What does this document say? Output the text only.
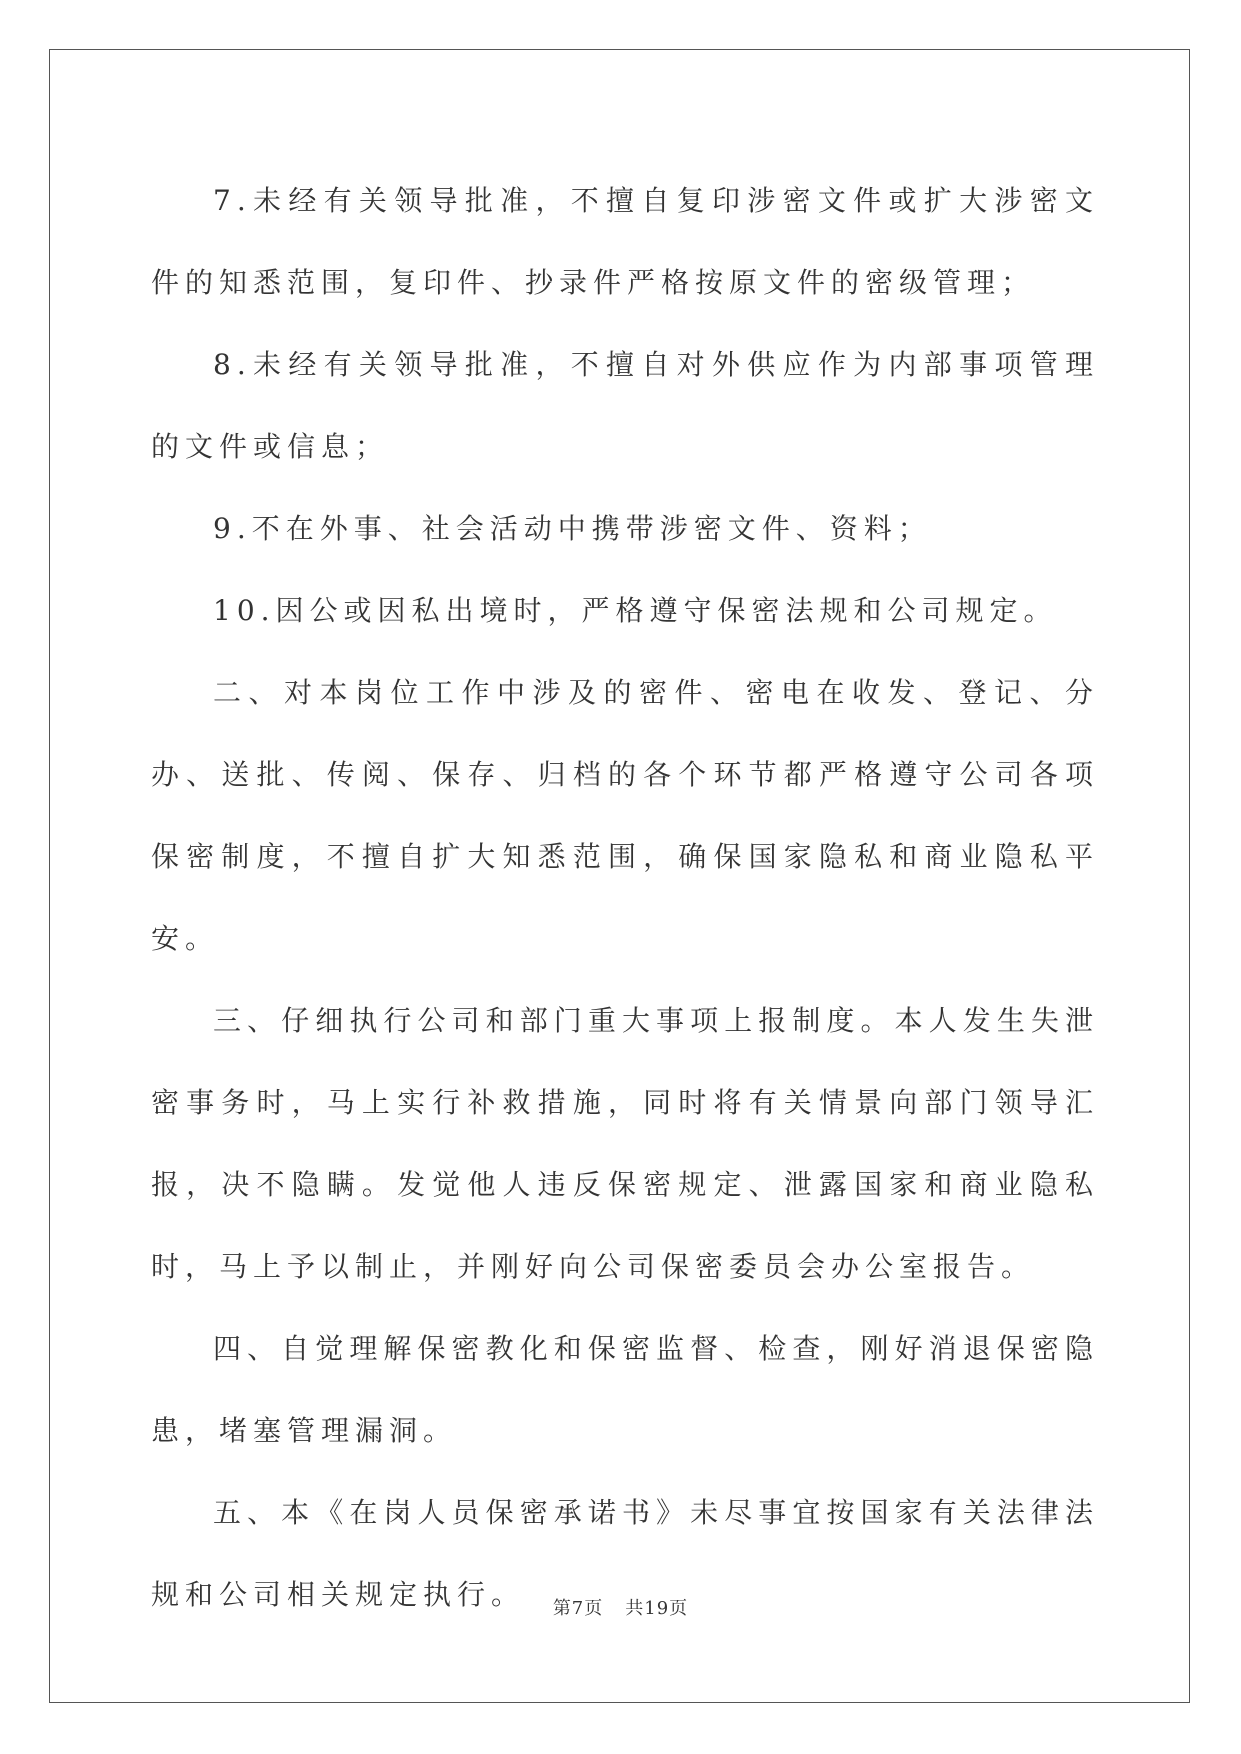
7.未经有关领导批准，不擅自复印涉密文件或扩大涉密文件的知悉范围，复印件、抄录件严格按原文件的密级管理；

8.未经有关领导批准，不擅自对外供应作为内部事项管理的文件或信息；

9.不在外事、社会活动中携带涉密文件、资料；

10.因公或因私出境时，严格遵守保密法规和公司规定。

二、对本岗位工作中涉及的密件、密电在收发、登记、分办、送批、传阅、保存、归档的各个环节都严格遵守公司各项保密制度，不擅自扩大知悉范围，确保国家隐私和商业隐私平安。

三、仔细执行公司和部门重大事项上报制度。本人发生失泄密事务时，马上实行补救措施，同时将有关情景向部门领导汇报，决不隐瞒。发觉他人违反保密规定、泄露国家和商业隐私时，马上予以制止，并刚好向公司保密委员会办公室报告。

四、自觉理解保密教化和保密监督、检查，刚好消退保密隐患，堵塞管理漏洞。

五、本《在岗人员保密承诺书》未尽事宜按国家有关法律法规和公司相关规定执行。	第7页 共19页
